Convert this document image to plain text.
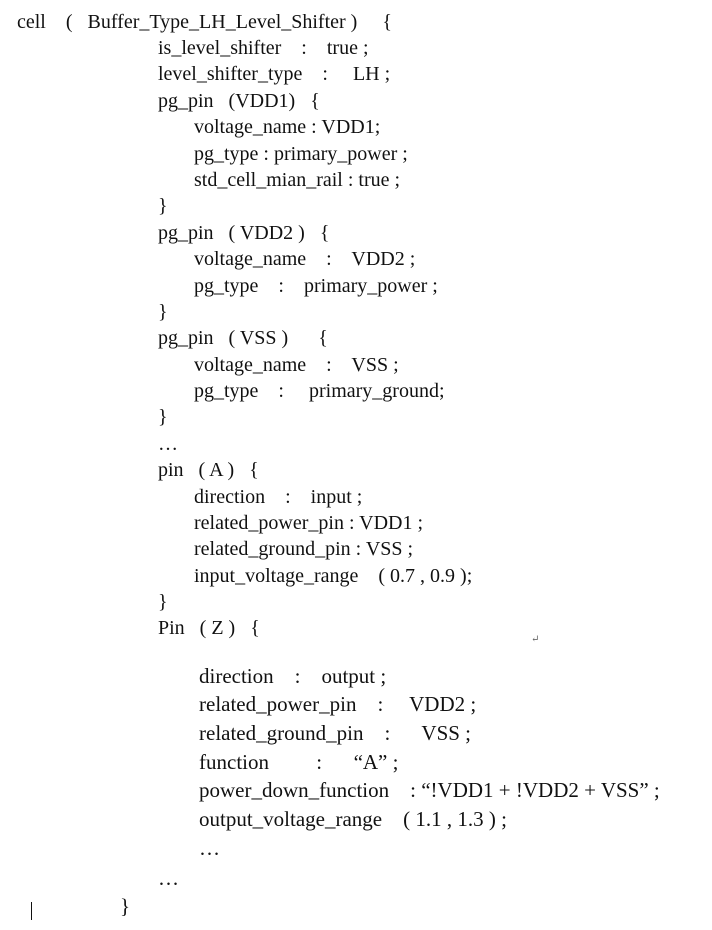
cell    (   Buffer_Type_LH_Level_Shifter )     {
is_level_shifter    :    true ;
level_shifter_type    :     LH ;
pg_pin   (VDD1)   {
voltage_name : VDD1;
pg_type : primary_power ;
std_cell_mian_rail : true ;
}
pg_pin   ( VDD2 )   {
voltage_name    :    VDD2 ;
pg_type    :    primary_power ;
}
pg_pin   ( VSS )      {
voltage_name    :    VSS ;
pg_type    :     primary_ground;
}
…
pin   ( A )   {
direction    :    input ;
related_power_pin : VDD1 ;
related_ground_pin : VSS ;
input_voltage_range    ( 0.7 , 0.9 );
}
Pin   ( Z )   {
↵
direction    :    output ;
related_power_pin    :     VDD2 ;
related_ground_pin    :      VSS ;
function         :      “A” ;
power_down_function    : “!VDD1 + !VDD2 + VSS” ;
output_voltage_range    ( 1.1 , 1.3 ) ;
…
…
}
